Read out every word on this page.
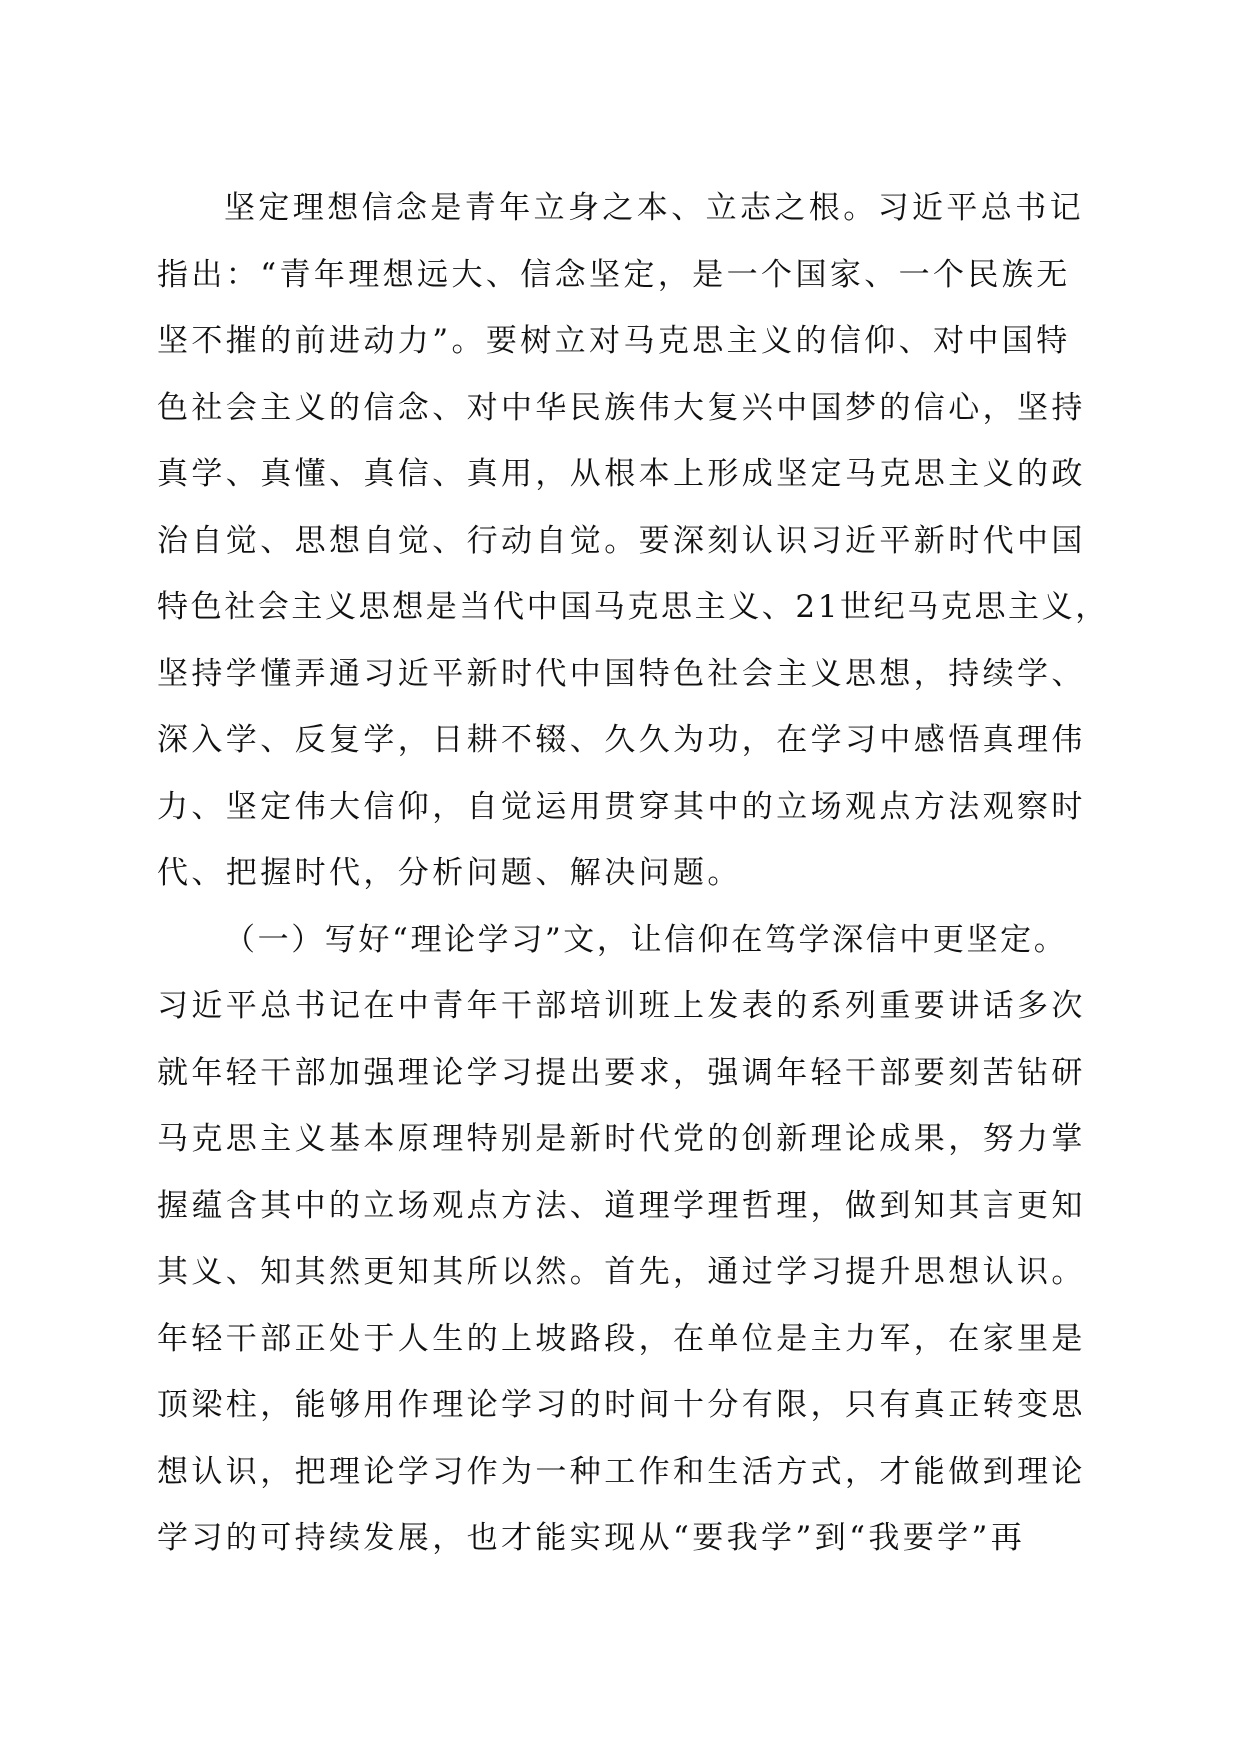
坚定理想信念是青年立身之本、立志之根。习近平总书记
指出：“青年理想远大、信念坚定，是一个国家、一个民族无
坚不摧的前进动力”。要树立对马克思主义的信仰、对中国特
色社会主义的信念、对中华民族伟大复兴中国梦的信心，坚持
真学、真懂、真信、真用，从根本上形成坚定马克思主义的政
治自觉、思想自觉、行动自觉。要深刻认识习近平新时代中国
特色社会主义思想是当代中国马克思主义、21世纪马克思主义，
坚持学懂弄通习近平新时代中国特色社会主义思想，持续学、
深入学、反复学，日耕不辍、久久为功，在学习中感悟真理伟
力、坚定伟大信仰，自觉运用贯穿其中的立场观点方法观察时
代、把握时代，分析问题、解决问题。
（一）写好“理论学习”文，让信仰在笃学深信中更坚定。
习近平总书记在中青年干部培训班上发表的系列重要讲话多次
就年轻干部加强理论学习提出要求，强调年轻干部要刻苦钻研
马克思主义基本原理特别是新时代党的创新理论成果，努力掌
握蕴含其中的立场观点方法、道理学理哲理，做到知其言更知
其义、知其然更知其所以然。首先，通过学习提升思想认识。
年轻干部正处于人生的上坡路段，在单位是主力军，在家里是
顶梁柱，能够用作理论学习的时间十分有限，只有真正转变思
想认识，把理论学习作为一种工作和生活方式，才能做到理论
学习的可持续发展，也才能实现从“要我学”到“我要学”再
